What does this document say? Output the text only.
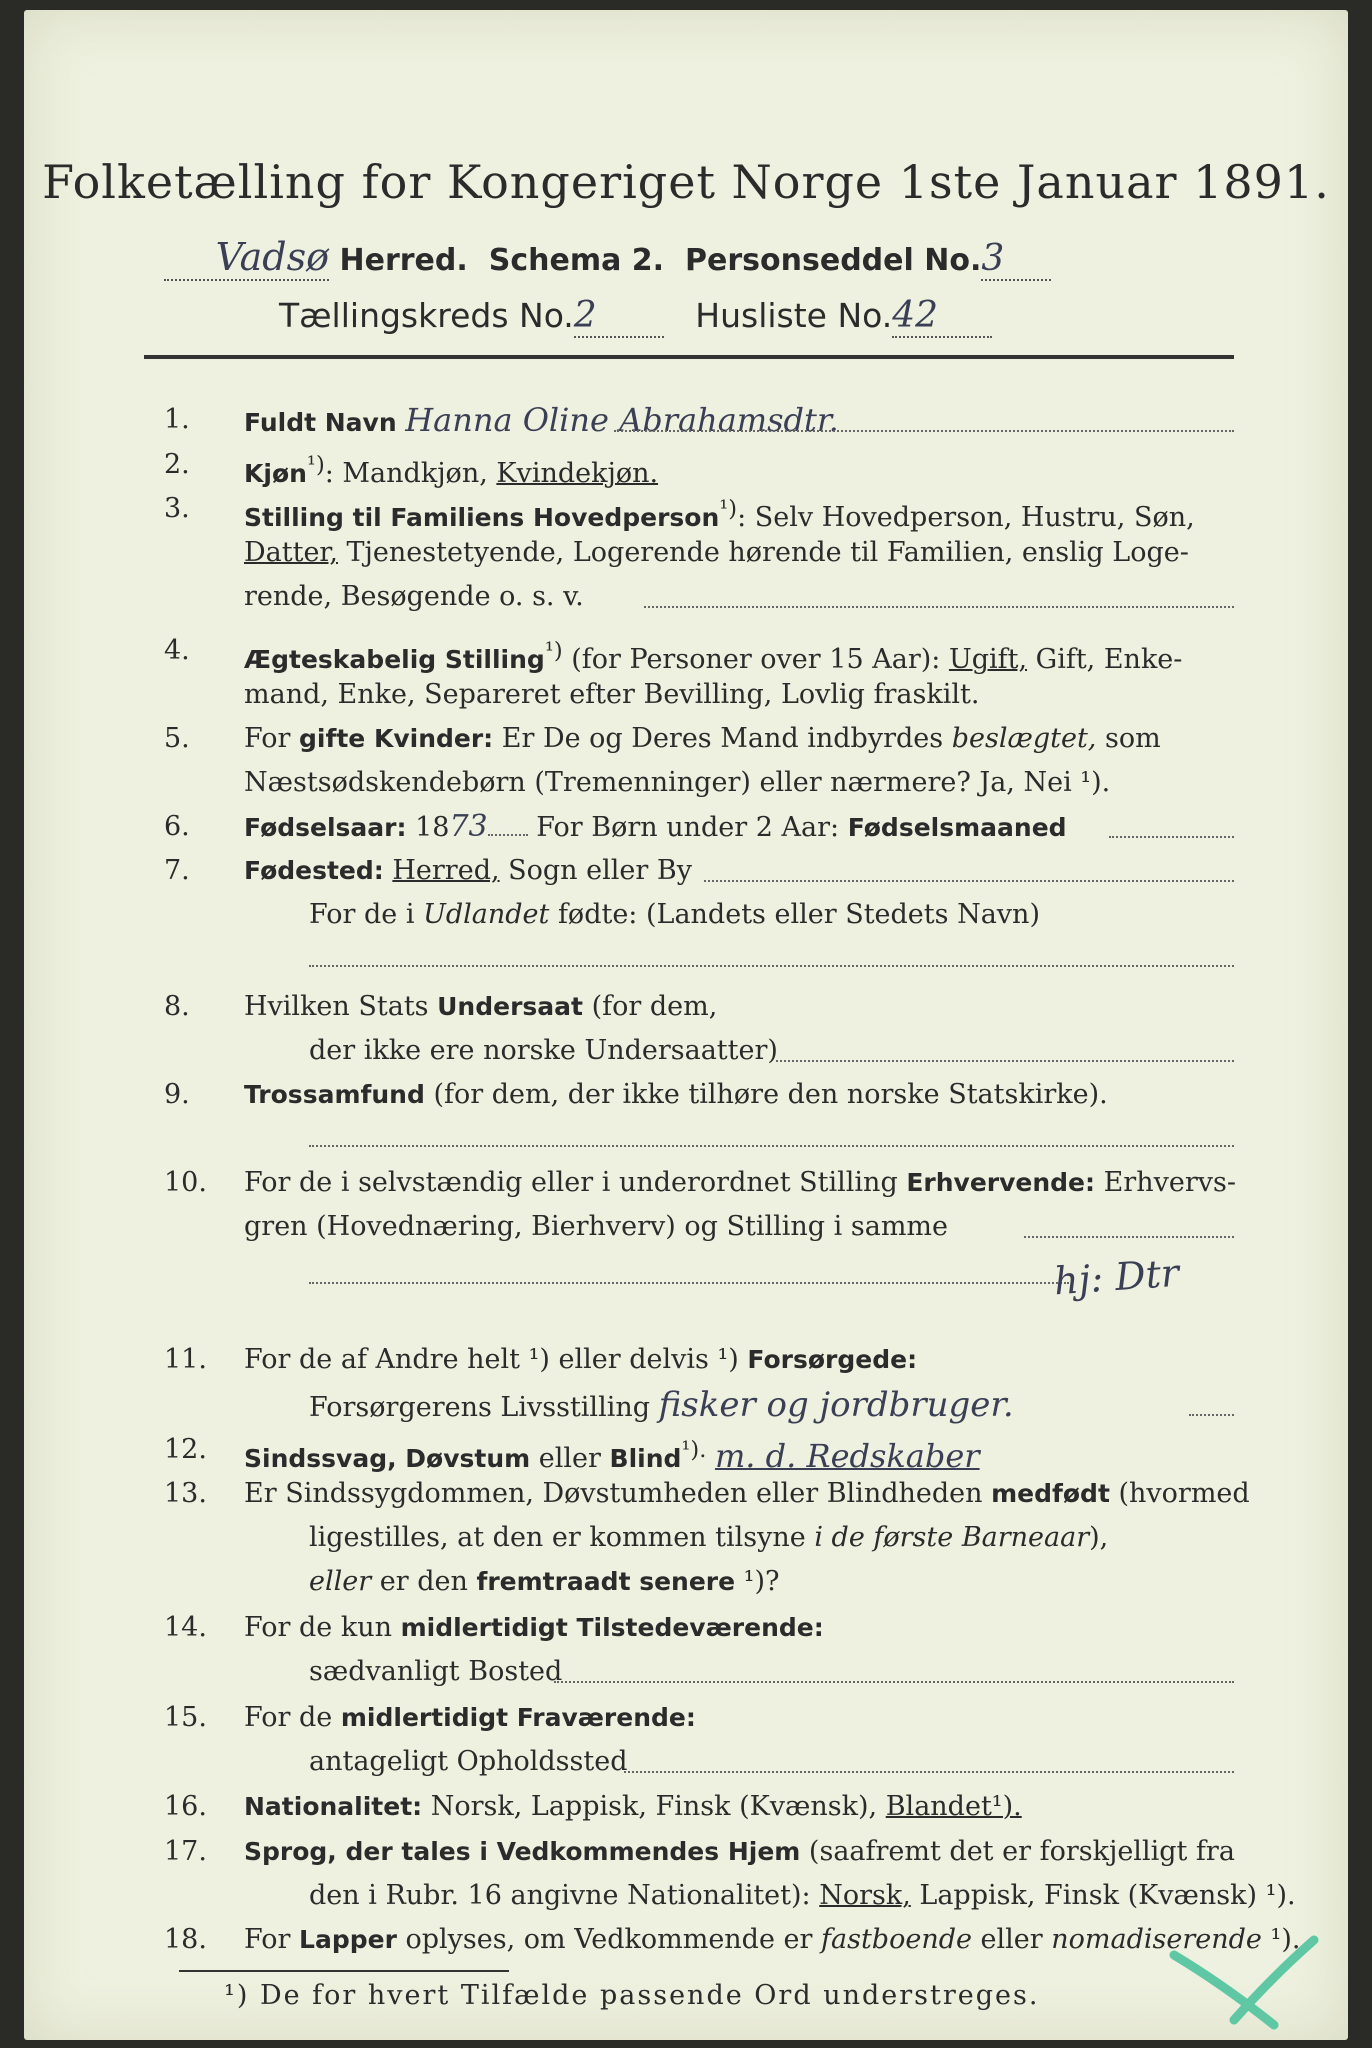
Folketælling for Kongeriget Norge 1ste Januar 1891.
Vadsø Herred. Schema 2. Personseddel No.3
Tællingskreds No.2	Husliste No.42
1.	Fuldt Navn Hanna Oline Abrahamsdtr.
2.	Kjøn$^{^1)}$: Mandkjøn, Kvindekjøn.
3.	Stilling til Familiens Hovedperson$^{^1)}$: Selv Hovedperson, Hustru, Søn,
Datter, Tjenestetyende, Logerende hørende til Familien, enslig Loge-
rende, Besøgende o. s. v.
4.	Ægteskabelig Stilling$^{^1)}$ (for Personer over 15 Aar): Ugift, Gift, Enke-
mand, Enke, Separeret efter Bevilling, Lovlig fraskilt.
5.	For gifte Kvinder: Er De og Deres Mand indbyrdes beslægtet, som
Næstsødskendebørn (Tremenninger) eller nærmere? Ja, Nei ¹).
6.	Fødselsaar: 1873 For Børn under 2 Aar: Fødselsmaaned
7.	Fødested: Herred, Sogn eller By
For de i Udlandet fødte: (Landets eller Stedets Navn)
8.	Hvilken Stats Undersaat (for dem,
der ikke ere norske Undersaatter)
9.	Trossamfund (for dem, der ikke tilhøre den norske Statskirke).
10.	For de i selvstændig eller i underordnet Stilling Erhvervende: Erhvervs-
gren (Hovednæring, Bierhverv) og Stilling i samme
hj: Dtr
11.	For de af Andre helt ¹) eller delvis ¹) Forsørgede:
Forsørgerens Livsstilling fisker og jordbruger.
12.	Sindssvag, Døvstum eller Blind$^{^1).}$ m. d. Redskaber
13.	Er Sindssygdommen, Døvstumheden eller Blindheden medfødt (hvormed
ligestilles, at den er kommen tilsyne i de første Barneaar),
eller er den fremtraadt senere ¹)?
14.	For de kun midlertidigt Tilstedeværende:
sædvanligt Bosted
15.	For de midlertidigt Fraværende:
antageligt Opholdssted
16.	Nationalitet: Norsk, Lappisk, Finsk (Kvænsk), Blandet¹).
17.	Sprog, der tales i Vedkommendes Hjem (saafremt det er forskjelligt fra
den i Rubr. 16 angivne Nationalitet): Norsk, Lappisk, Finsk (Kvænsk) ¹).
18.	For Lapper oplyses, om Vedkommende er fastboende eller nomadiserende ¹).
¹) De for hvert Tilfælde passende Ord understreges.
